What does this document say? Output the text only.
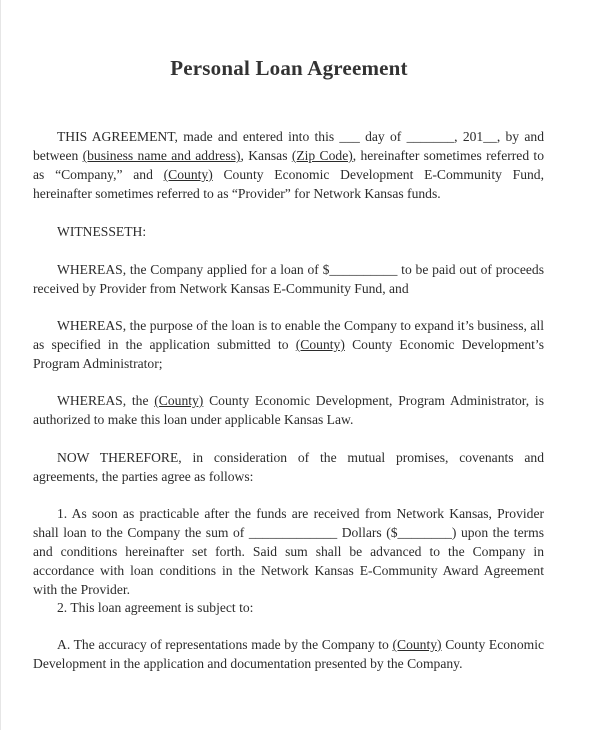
Personal Loan Agreement

THIS AGREEMENT, made and entered into this ___ day of _______, 201__, by and between (business name and address), Kansas (Zip Code), hereinafter sometimes referred to as “Company,” and (County) County Economic Development E-Community Fund, hereinafter sometimes referred to as “Provider” for Network Kansas funds.

WITNESSETH:

WHEREAS, the Company applied for a loan of $__________ to be paid out of proceeds received by Provider from Network Kansas E-Community Fund, and

WHEREAS, the purpose of the loan is to enable the Company to expand it’s business, all as specified in the application submitted to (County) County Economic Development’s Program Administrator;

WHEREAS, the (County) County Economic Development, Program Administrator, is authorized to make this loan under applicable Kansas Law.

NOW THEREFORE, in consideration of the mutual promises, covenants and agreements, the parties agree as follows:

1. As soon as practicable after the funds are received from Network Kansas, Provider shall loan to the Company the sum of _____________ Dollars ($________) upon the terms and conditions hereinafter set forth. Said sum shall be advanced to the Company in accordance with loan conditions in the Network Kansas E-Community Award Agreement with the Provider.

2. This loan agreement is subject to:

A. The accuracy of representations made by the Company to (County) County Economic Development in the application and documentation presented by the Company.
